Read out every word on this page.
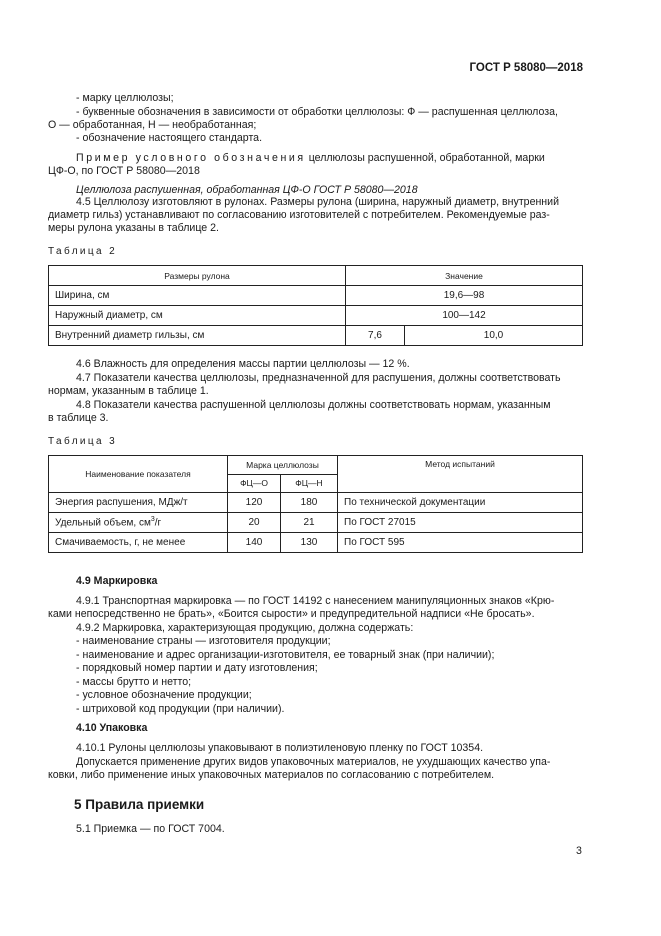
ГОСТ Р 58080—2018
- марку целлюлозы;
- буквенные обозначения в зависимости от обработки целлюлозы: Ф — распушенная целлюлоза,
О — обработанная, Н — необработанная;
- обозначение настоящего стандарта.
Пример условного обозначения целлюлозы распушенной, обработанной, марки
ЦФ-О, по ГОСТ Р 58080—2018
Целлюлоза распушенная, обработанная ЦФ-О ГОСТ Р 58080—2018
4.5 Целлюлозу изготовляют в рулонах. Размеры рулона (ширина, наружный диаметр, внутренний
диаметр гильз) устанавливают по согласованию изготовителей с потребителем. Рекомендуемые раз-
меры рулона указаны в таблице 2.
Таблица 2
Размеры рулона	Значение	
Ширина, см	19,6—98	
Наружный диаметр, см	100—142	
Внутренний диаметр гильзы, см	7,6	10,0
4.6 Влажность для определения массы партии целлюлозы — 12 %.
4.7 Показатели качества целлюлозы, предназначенной для распушения, должны соответствовать
нормам, указанным в таблице 1.
4.8 Показатели качества распушенной целлюлозы должны соответствовать нормам, указанным
в таблице 3.
Таблица 3
Наименование показателя	Марка целлюлозы		Метод испытаний
	ФЦ—О	ФЦ—Н	
Энергия распушения, МДж/т	120	180	По технической документации
Удельный объем, $см^3/г$	20	21	По ГОСТ 27015
Смачиваемость, г, не менее	140	130	По ГОСТ 595
4.9 Маркировка
4.9.1 Транспортная маркировка — по ГОСТ 14192 с нанесением манипуляционных знаков «Крю-
ками непосредственно не брать», «Боится сырости» и предупредительной надписи «Не бросать».
4.9.2 Маркировка, характеризующая продукцию, должна содержать:
- наименование страны — изготовителя продукции;
- наименование и адрес организации-изготовителя, ее товарный знак (при наличии);
- порядковый номер партии и дату изготовления;
- массы брутто и нетто;
- условное обозначение продукции;
- штриховой код продукции (при наличии).
4.10 Упаковка
4.10.1 Рулоны целлюлозы упаковывают в полиэтиленовую пленку по ГОСТ 10354.
Допускается применение других видов упаковочных материалов, не ухудшающих качество упа-
ковки, либо применение иных упаковочных материалов по согласованию с потребителем.
5 Правила приемки
5.1 Приемка — по ГОСТ 7004.
3
